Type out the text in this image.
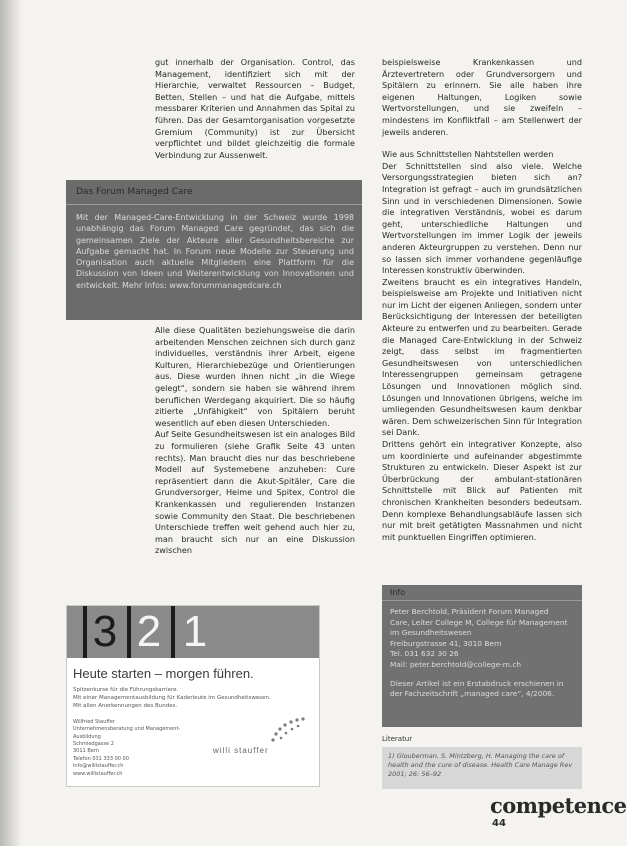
gut innerhalb der Organisation. Control, das Management, identifiziert sich mit der Hierarchie, verwaltet Ressourcen – Budget, Betten, Stellen – und hat die Aufgabe, mittels messbarer Kriterien und Annahmen das Spital zu führen. Das der Gesamtorganisation vorgesetzte Gremium (Community) ist zur Übersicht verpflichtet und bildet gleichzeitig die formale Verbindung zur Aussenwelt.

Das Forum Managed Care
Mit der Managed-Care-Entwicklung in der Schweiz wurde 1998 unabhängig das Forum Managed Care gegründet, das sich die gemeinsamen Ziele der Akteure aller Gesundheitsbereiche zur Aufgabe gemacht hat. In Forum neue Modelle zur Steuerung und Organisation auch aktuelle Mitgliedern eine Plattform für die Diskussion von Ideen und Weiterentwicklung von Innovationen und entwickelt. Mehr Infos: www.forummanagedcare.ch

Alle diese Qualitäten beziehungsweise die darin arbeitenden Menschen zeichnen sich durch ganz individuelles, verständnis ihrer Arbeit, eigene Kulturen, Hierarchiebezüge und Orientierungen aus. Diese wurden ihnen nicht „in die Wiege gelegt“, sondern sie haben sie während ihrem beruflichen Werdegang akquiriert. Die so häufig zitierte „Unfähigkeit“ von Spitälern beruht wesentlich auf eben diesen Unterschieden.

Auf Seite Gesundheitswesen ist ein analoges Bild zu formulieren (siehe Grafik Seite 43 unten rechts). Man braucht dies nur das beschriebene Modell auf Systemebene anzuheben: Cure repräsentiert dann die Akut-Spitäler, Care die Grundversorger, Heime und Spitex, Control die Krankenkassen und regulierenden Instanzen sowie Community den Staat. Die beschriebenen Unterschiede treffen weit gehend auch hier zu, man braucht sich nur an eine Diskussion zwischen

beispielsweise Krankenkassen und Ärztevertretern oder Grundversorgern und Spitälern zu erinnern. Sie alle haben ihre eigenen Haltungen, Logiken sowie Wertvorstellungen, und sie zweifeln – mindestens im Konfliktfall – am Stellenwert der jeweils anderen.

Wie aus Schnittstellen Nahtstellen werden

Der Schnittstellen sind also viele. Welche Versorgungsstrategien bieten sich an? Integration ist gefragt – auch im grundsätzlichen Sinn und in verschiedenen Dimensionen. Sowie die integrativen Verständnis, wobei es darum geht, unterschiedliche Haltungen und Wertvorstellungen im immer Logik der jeweils anderen Akteurgruppen zu verstehen. Denn nur so lassen sich immer vorhandene gegenläufige Interessen konstruktiv überwinden.

Zweitens braucht es ein integratives Handeln, beispielsweise am Projekte und Initiativen nicht nur im Licht der eigenen Anliegen, sondern unter Berücksichtigung der Interessen der beteiligten Akteure zu entwerfen und zu bearbeiten. Gerade die Managed Care-Entwicklung in der Schweiz zeigt, dass selbst im fragmentierten Gesundheitswesen von unterschiedlichen Interessengruppen gemeinsam getragene Lösungen und Innovationen möglich sind. Lösungen und Innovationen übrigens, welche im umliegenden Gesundheitswesen kaum denkbar wären. Dem schweizerischen Sinn für Integration sei Dank.

Drittens gehört ein integrativer Konzepte, also um koordinierte und aufeinander abgestimmte Strukturen zu entwickeln. Dieser Aspekt ist zur Überbrückung der ambulant-stationären Schnittstelle mit Blick auf Patienten mit chronischen Krankheiten besonders bedeutsam. Denn komplexe Behandlungsabläufe lassen sich nur mit breit getätigten Massnahmen und nicht mit punktuellen Eingriffen optimieren.

3 2 1
Heute starten – morgen führen.
Spitzenkurse für die Führungskarriere.
Mit einer Managementausbildung für Kaderleute im Gesundheitswesen.
Mit allen Anerkennungen des Bundes.
Willfried Stauffer
Unternehmensberatung und Management-Ausbildung
Schmiedgasse 2
3011 Bern
Telefon 031 333 00 00
info@willistauffer.ch
www.willistauffer.ch
willi stauffer
Info
Peter Berchtold, Präsident Forum Managed
Care, Leiter College M, College für Management im Gesundheitswesen
Freiburgstrasse 41, 3010 Bern
Tel. 031 632 30 26
Mail: peter.berchtold@college-m.ch
Dieser Artikel ist ein Erstabdruck erschienen in der Fachzeitschrift „managed care“, 4/2006.
Literatur
1) Glouberman, S. Mintzberg, H. Managing the care of health and the cure of disease. Health Care Manage Rev 2001; 26: 56–92
competence
44
